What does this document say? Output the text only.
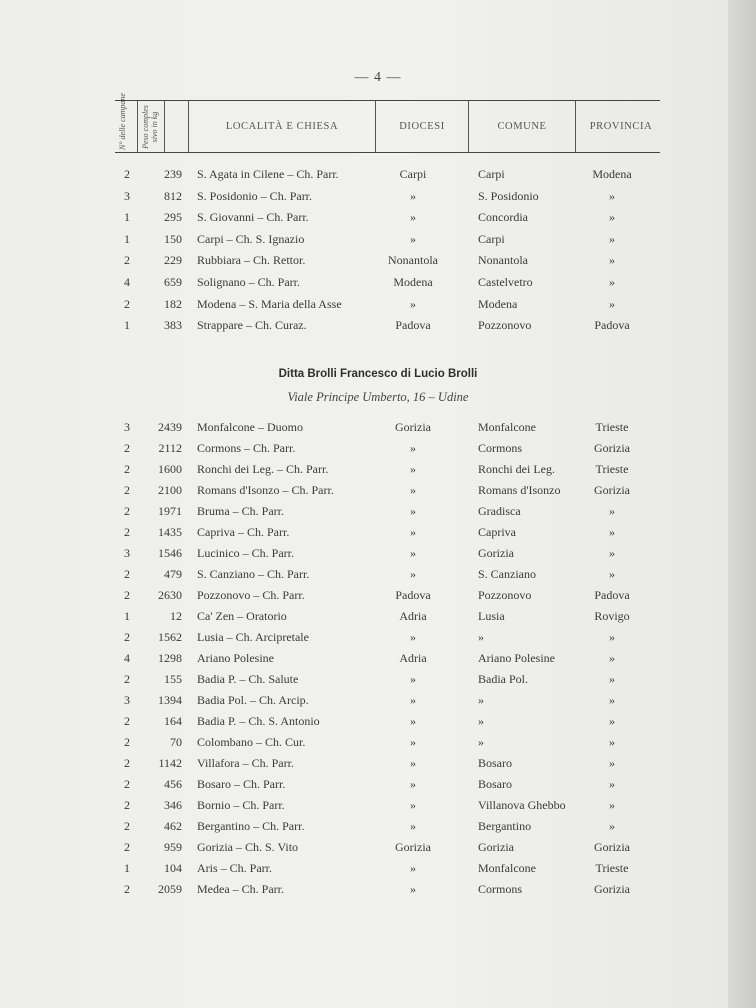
— 4 —
N° delle campane Peso comples sivo in kg	LOCALITÀ E CHIESA	DIOCESI	COMUNE	PROVINCIA
2	239 S. Agata in Cilene – Ch. Parr.	Carpi	Carpi	Modena
3	812 S. Posidonio – Ch. Parr.	»	S. Posidonio	»
1	295 S. Giovanni – Ch. Parr.	»	Concordia	»
1	150 Carpi – Ch. S. Ignazio	»	Carpi	»
2	229 Rubbiara – Ch. Rettor.	Nonantola	Nonantola	»
4	659 Solignano – Ch. Parr.	Modena	Castelvetro	»
2	182 Modena – S. Maria della Asse	»	Modena	»
1	383 Strappare – Ch. Curaz.	Padova	Pozzonovo	Padova
Ditta Brolli Francesco di Lucio Brolli
Viale Principe Umberto, 16 – Udine
3	2439 Monfalcone – Duomo	Gorizia	Monfalcone	Trieste
2	2112 Cormons – Ch. Parr.	»	Cormons	Gorizia
2	1600 Ronchi dei Leg. – Ch. Parr.	»	Ronchi dei Leg.	Trieste
2	2100 Romans d'Isonzo – Ch. Parr.	»	Romans d'Isonzo	Gorizia
2	1971 Bruma – Ch. Parr.	»	Gradisca	»
2	1435 Capriva – Ch. Parr.	»	Capriva	»
3	1546 Lucinico – Ch. Parr.	»	Gorizia	»
2	479 S. Canziano – Ch. Parr.	»	S. Canziano	»
2	2630 Pozzonovo – Ch. Parr.	Padova	Pozzonovo	Padova
1	12 Ca' Zen – Oratorio	Adria	Lusia	Rovigo
2	1562 Lusia – Ch. Arcipretale	»	»	»
4	1298 Ariano Polesine	Adria	Ariano Polesine	»
2	155 Badia P. – Ch. Salute	»	Badia Pol.	»
3	1394 Badia Pol. – Ch. Arcip.	»	»	»
2	164 Badia P. – Ch. S. Antonio	»	»	»
2	70 Colombano – Ch. Cur.	»	»	»
2	1142 Villafora – Ch. Parr.	»	Bosaro	»
2	456 Bosaro – Ch. Parr.	»	Bosaro	»
2	346 Bornio – Ch. Parr.	»	Villanova Ghebbo	»
2	462 Bergantino – Ch. Parr.	»	Bergantino	»
2	959 Gorizia – Ch. S. Vito	Gorizia	Gorizia	Gorizia
1	104 Aris – Ch. Parr.	»	Monfalcone	Trieste
2	2059 Medea – Ch. Parr.	»	Cormons	Gorizia
